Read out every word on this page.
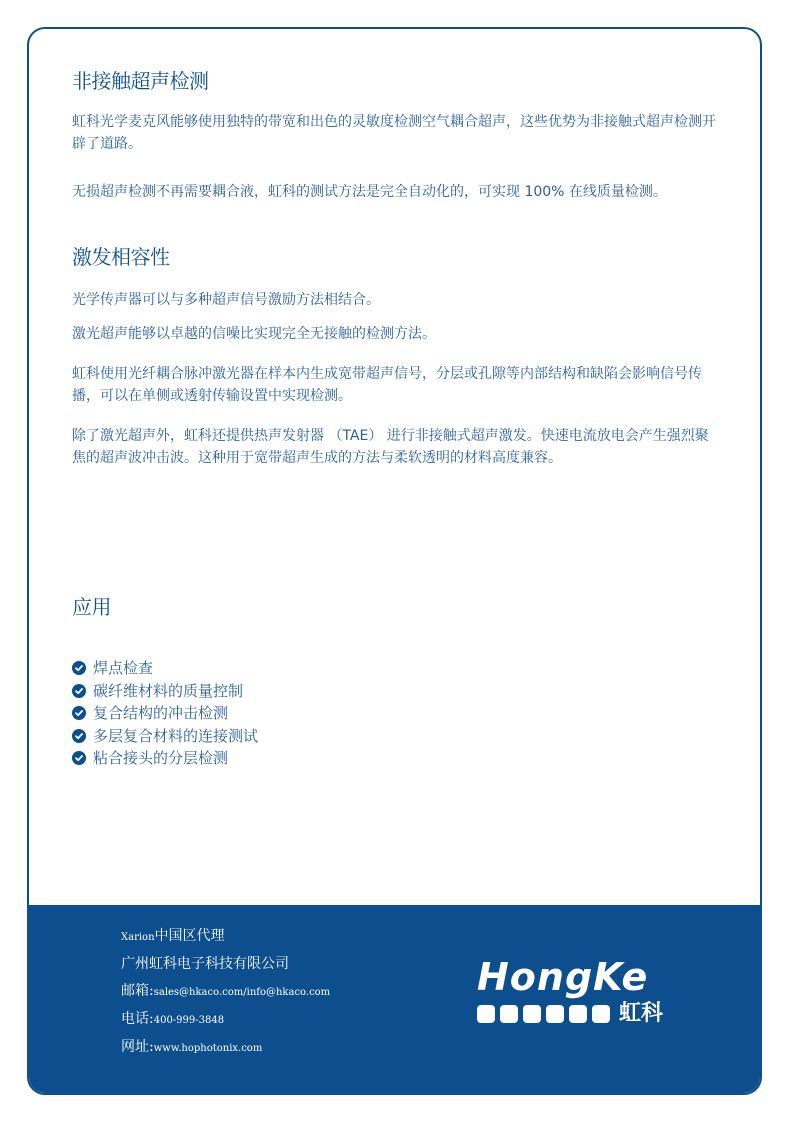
非接触超声检测

虹科光学麦克风能够使用独特的带宽和出色的灵敏度检测空气耦合超声，这些优势为非接触式超声检测开辟了道路。

无损超声检测不再需要耦合液，虹科的测试方法是完全自动化的，可实现 100% 在线质量检测。

激发相容性

光学传声器可以与多种超声信号激励方法相结合。

激光超声能够以卓越的信噪比实现完全无接触的检测方法。

虹科使用光纤耦合脉冲激光器在样本内生成宽带超声信号，分层或孔隙等内部结构和缺陷会影响信号传播，可以在单侧或透射传输设置中实现检测。

除了激光超声外，虹科还提供热声发射器 （TAE） 进行非接触式超声激发。快速电流放电会产生强烈聚焦的超声波冲击波。这种用于宽带超声生成的方法与柔软透明的材料高度兼容。

应用
焊点检查
碳纤维材料的质量控制
复合结构的冲击检测
多层复合材料的连接测试
粘合接头的分层检测
Xarion中国区代理
广州虹科电子科技有限公司
邮箱:sales@hkaco.com/info@hkaco.com
电话:400-999-3848
网址:www.hophotonix.com
HongKe
虹科
